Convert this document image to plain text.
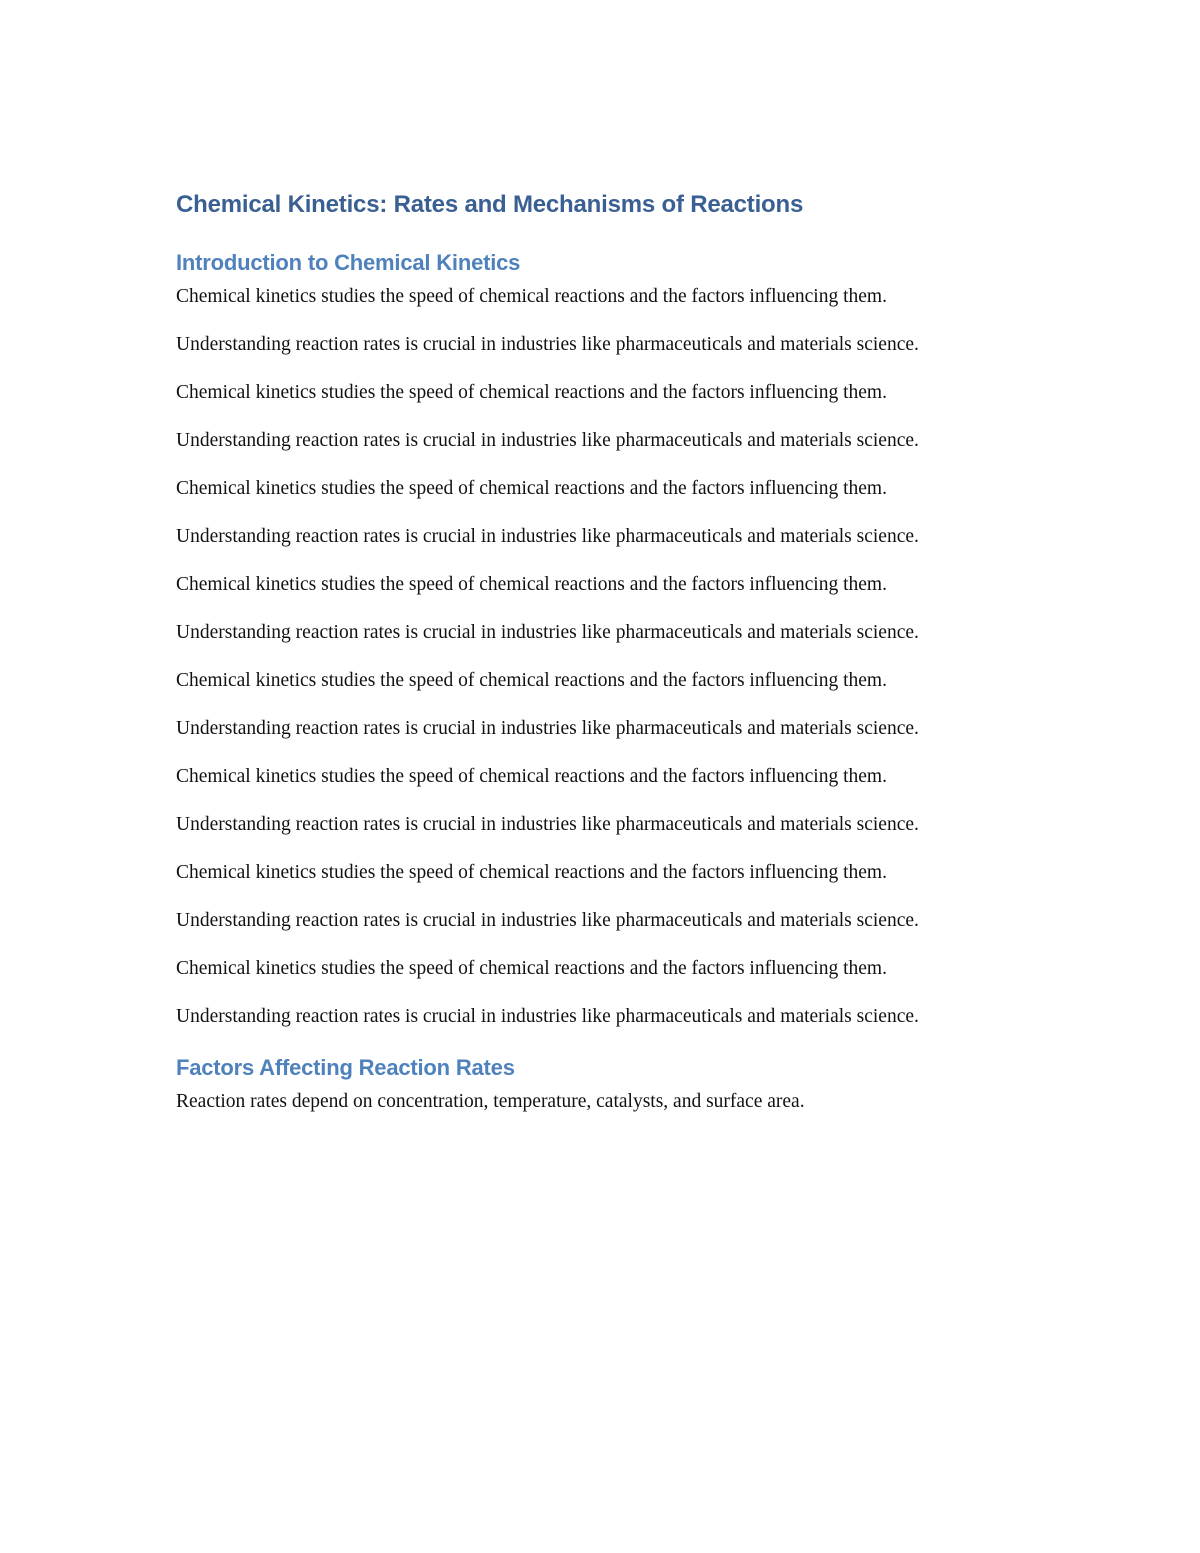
Chemical Kinetics: Rates and Mechanisms of Reactions
Introduction to Chemical Kinetics

Chemical kinetics studies the speed of chemical reactions and the factors influencing them.

Understanding reaction rates is crucial in industries like pharmaceuticals and materials science.

Chemical kinetics studies the speed of chemical reactions and the factors influencing them.

Understanding reaction rates is crucial in industries like pharmaceuticals and materials science.

Chemical kinetics studies the speed of chemical reactions and the factors influencing them.

Understanding reaction rates is crucial in industries like pharmaceuticals and materials science.

Chemical kinetics studies the speed of chemical reactions and the factors influencing them.

Understanding reaction rates is crucial in industries like pharmaceuticals and materials science.

Chemical kinetics studies the speed of chemical reactions and the factors influencing them.

Understanding reaction rates is crucial in industries like pharmaceuticals and materials science.

Chemical kinetics studies the speed of chemical reactions and the factors influencing them.

Understanding reaction rates is crucial in industries like pharmaceuticals and materials science.

Chemical kinetics studies the speed of chemical reactions and the factors influencing them.

Understanding reaction rates is crucial in industries like pharmaceuticals and materials science.

Chemical kinetics studies the speed of chemical reactions and the factors influencing them.

Understanding reaction rates is crucial in industries like pharmaceuticals and materials science.

Factors Affecting Reaction Rates

Reaction rates depend on concentration, temperature, catalysts, and surface area.
